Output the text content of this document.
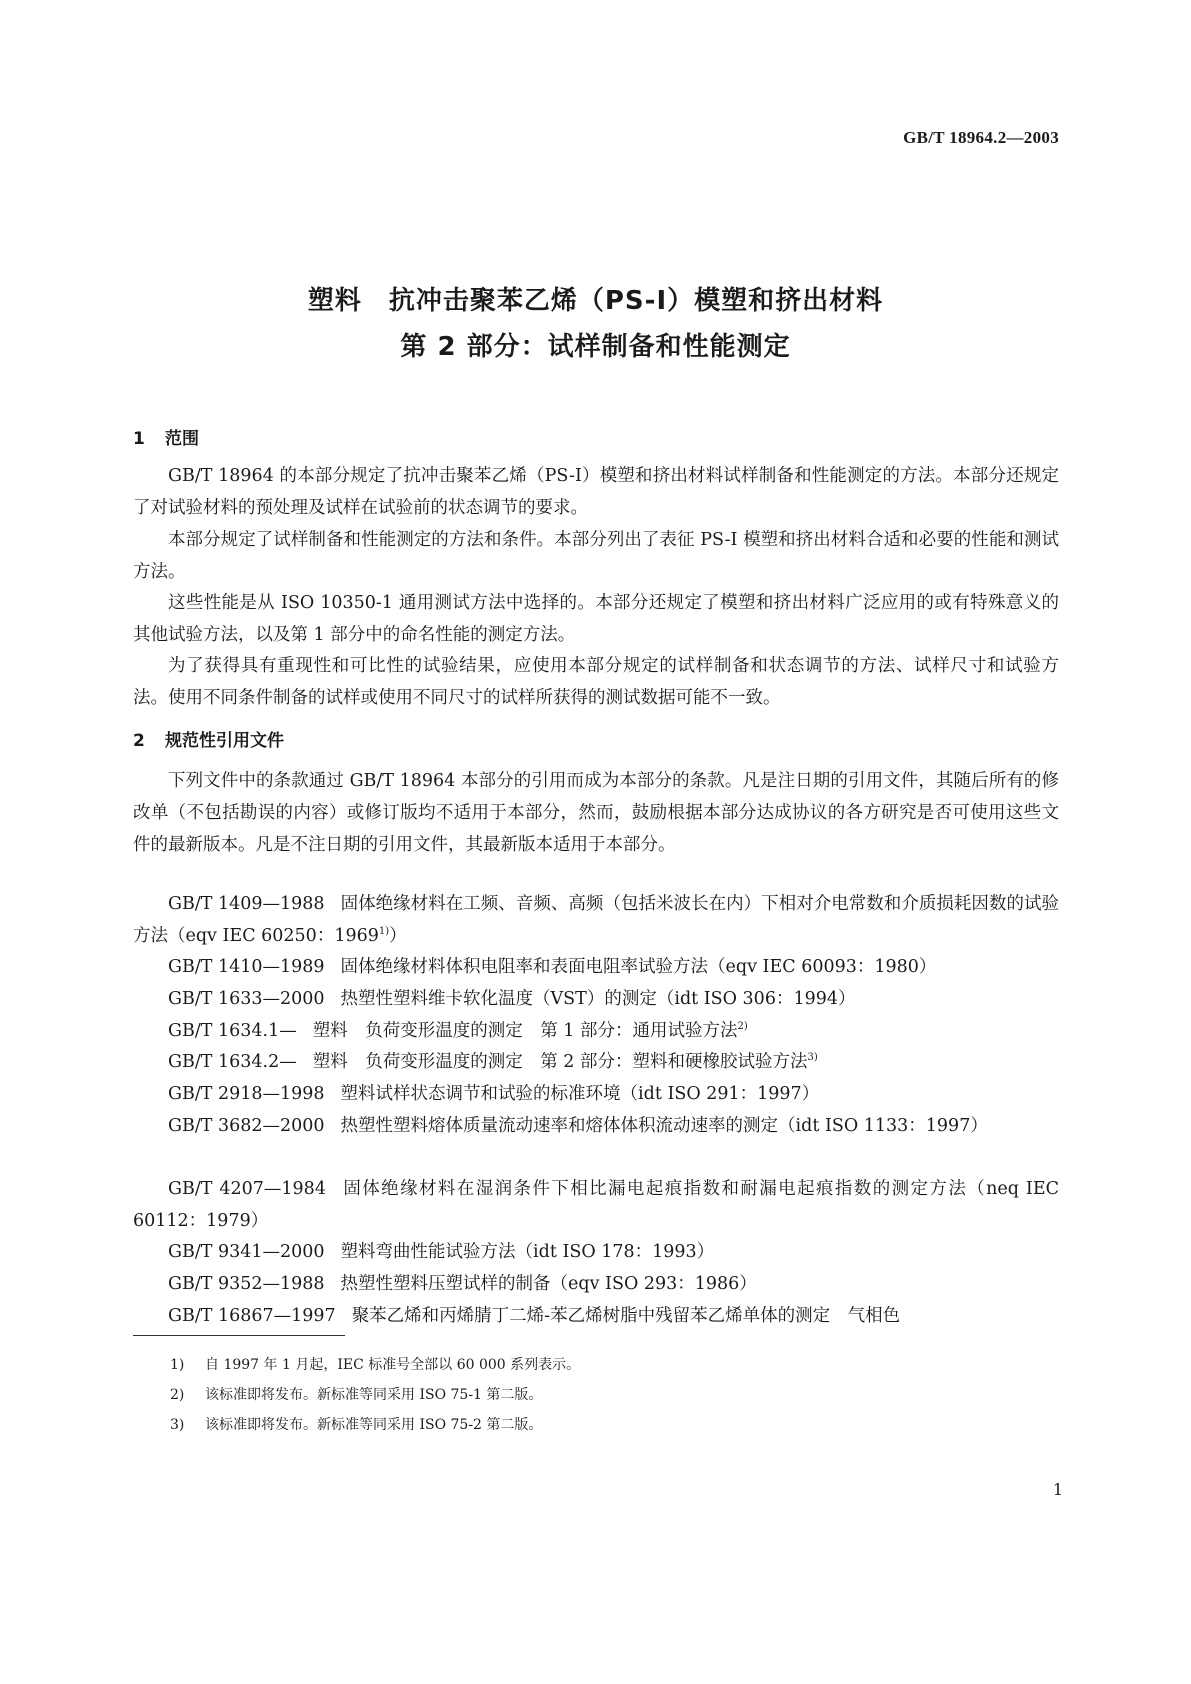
GB/T 18964.2—2003
塑料　抗冲击聚苯乙烯（PS-I）模塑和挤出材料
第 2 部分：试样制备和性能测定
1 范围

GB/T 18964 的本部分规定了抗冲击聚苯乙烯（PS-I）模塑和挤出材料试样制备和性能测定的方法。本部分还规定了对试验材料的预处理及试样在试验前的状态调节的要求。

本部分规定了试样制备和性能测定的方法和条件。本部分列出了表征 PS-I 模塑和挤出材料合适和必要的性能和测试方法。

这些性能是从 ISO 10350-1 通用测试方法中选择的。本部分还规定了模塑和挤出材料广泛应用的或有特殊意义的其他试验方法，以及第 1 部分中的命名性能的测定方法。

为了获得具有重现性和可比性的试验结果，应使用本部分规定的试样制备和状态调节的方法、试样尺寸和试验方法。使用不同条件制备的试样或使用不同尺寸的试样所获得的测试数据可能不一致。

2 规范性引用文件

下列文件中的条款通过 GB/T 18964 本部分的引用而成为本部分的条款。凡是注日期的引用文件，其随后所有的修改单（不包括勘误的内容）或修订版均不适用于本部分，然而，鼓励根据本部分达成协议的各方研究是否可使用这些文件的最新版本。凡是不注日期的引用文件，其最新版本适用于本部分。

GB/T 1409—1988 固体绝缘材料在工频、音频、高频（包括米波长在内）下相对介电常数和介质损耗因数的试验方法（eqv IEC 60250：1969$^{1)}$）

GB/T 1410—1989 固体绝缘材料体积电阻率和表面电阻率试验方法（eqv IEC 60093：1980）

GB/T 1633—2000 热塑性塑料维卡软化温度（VST）的测定（idt ISO 306：1994）

GB/T 1634.1— 塑料　负荷变形温度的测定　第 1 部分：通用试验方法$^{2)}$

GB/T 1634.2— 塑料　负荷变形温度的测定　第 2 部分：塑料和硬橡胶试验方法$^{3)}$

GB/T 2918—1998 塑料试样状态调节和试验的标准环境（idt ISO 291：1997）

GB/T 3682—2000 热塑性塑料熔体质量流动速率和熔体体积流动速率的测定（idt ISO 1133：1997）

GB/T 4207—1984 固体绝缘材料在湿润条件下相比漏电起痕指数和耐漏电起痕指数的测定方法（neq IEC 60112：1979）

GB/T 9341—2000 塑料弯曲性能试验方法（idt ISO 178：1993）

GB/T 9352—1988 热塑性塑料压塑试样的制备（eqv ISO 293：1986）

GB/T 16867—1997 聚苯乙烯和丙烯腈丁二烯-苯乙烯树脂中残留苯乙烯单体的测定　气相色

1) 自 1997 年 1 月起，IEC 标准号全部以 60 000 系列表示。
2) 该标准即将发布。新标准等同采用 ISO 75-1 第二版。
3) 该标准即将发布。新标准等同采用 ISO 75-2 第二版。
1
